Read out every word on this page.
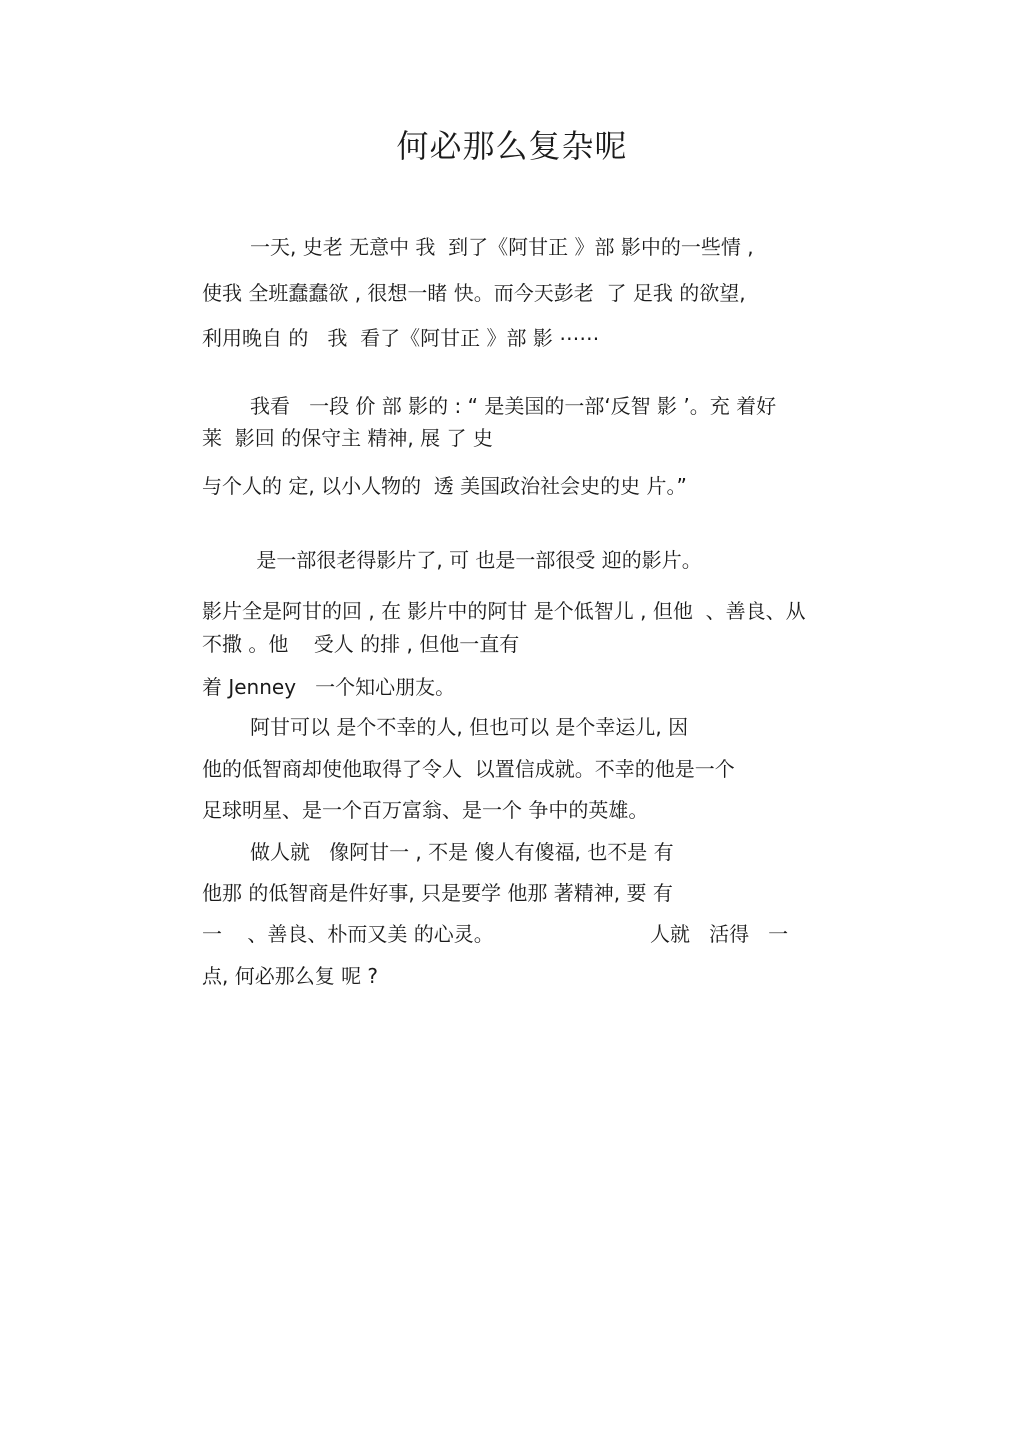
何必那么复杂呢
一天, 史老 无意中 我  到了《阿甘正 》部 影中的一些情 ,
使我 全班蠢蠢欲 , 很想一睹 快。而今天彭老  了 足我 的欲望,
利用晚自 的   我  看了《阿甘正 》部 影 ⋯⋯
我看   一段 价 部 影的 : “ 是美国的一部‘反智 影 ’。充 着好
莱  影回 的保守主 精神, 展 了 史
与个人的 定, 以小人物的  透 美国政治社会史的史 片。”
是一部很老得影片了, 可 也是一部很受 迎的影片。
影片全是阿甘的回 , 在 影片中的阿甘 是个低智儿 , 但他  、善良、从
不撒 。他    受人 的排 , 但他一直有
着 Jenney   一个知心朋友。
阿甘可以 是个不幸的人, 但也可以 是个幸运儿, 因
他的低智商却使他取得了令人  以置信成就。不幸的他是一个
足球明星、是一个百万富翁、是一个 争中的英雄。
做人就   像阿甘一 , 不是 傻人有傻福, 也不是 有
他那 的低智商是件好事, 只是要学 他那 著精神, 要 有
一    、善良、朴而又美 的心灵。	人就   活得   一
点, 何必那么复 呢 ?
